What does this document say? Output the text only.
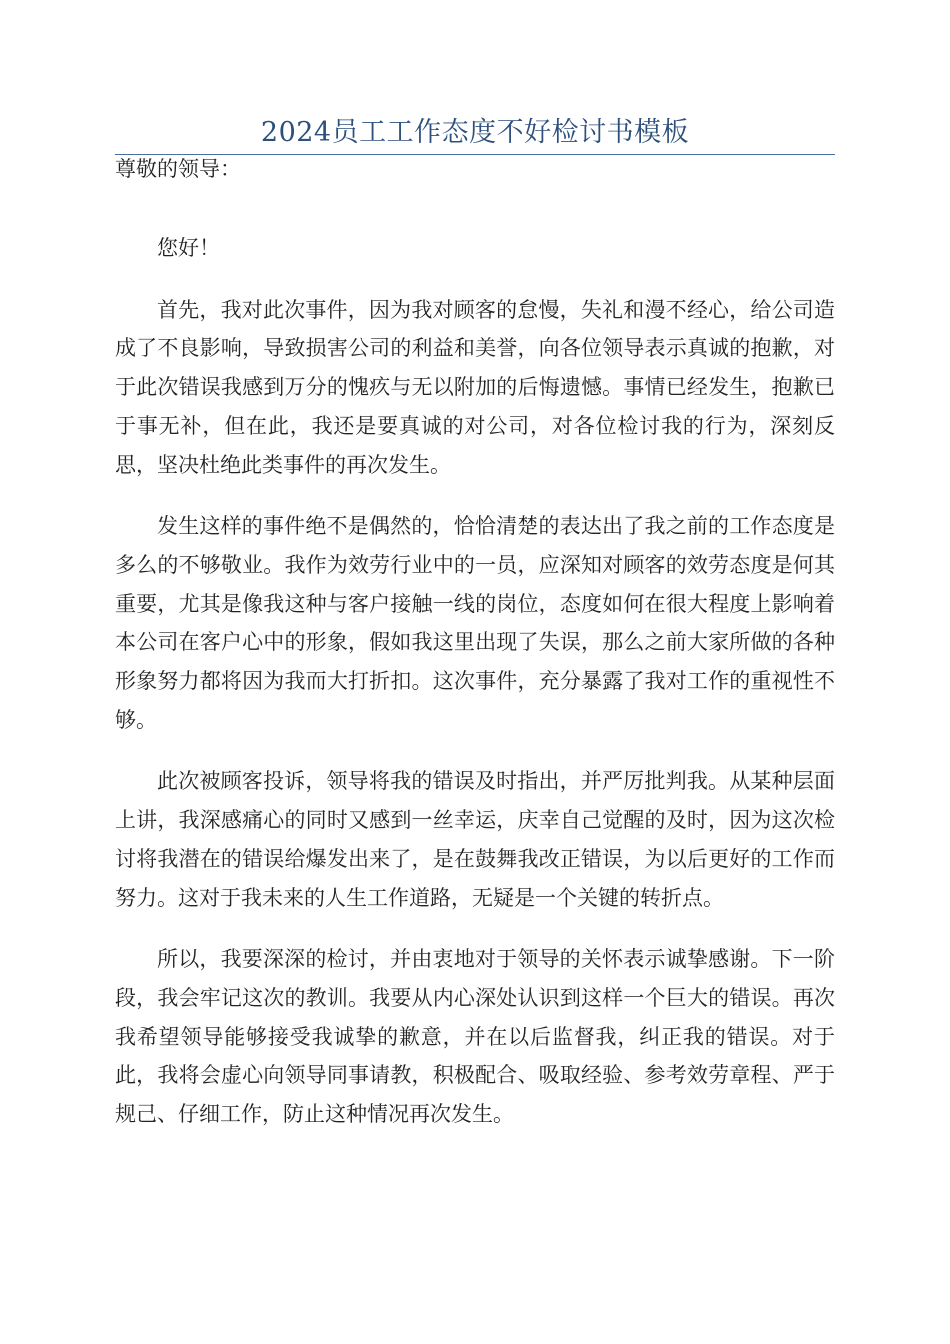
2024员工工作态度不好检讨书模板

尊敬的领导：

您好！

首先，我对此次事件，因为我对顾客的怠慢，失礼和漫不经心，给公司造成了不良影响，导致损害公司的利益和美誉，向各位领导表示真诚的抱歉，对于此次错误我感到万分的愧疚与无以附加的后悔遗憾。事情已经发生，抱歉已于事无补，但在此，我还是要真诚的对公司，对各位检讨我的行为，深刻反思，坚决杜绝此类事件的再次发生。

发生这样的事件绝不是偶然的，恰恰清楚的表达出了我之前的工作态度是多么的不够敬业。我作为效劳行业中的一员，应深知对顾客的效劳态度是何其重要，尤其是像我这种与客户接触一线的岗位，态度如何在很大程度上影响着本公司在客户心中的形象，假如我这里出现了失误，那么之前大家所做的各种形象努力都将因为我而大打折扣。这次事件，充分暴露了我对工作的重视性不够。

此次被顾客投诉，领导将我的错误及时指出，并严厉批判我。从某种层面上讲，我深感痛心的同时又感到一丝幸运，庆幸自己觉醒的及时，因为这次检讨将我潜在的错误给爆发出来了，是在鼓舞我改正错误，为以后更好的工作而努力。这对于我未来的人生工作道路，无疑是一个关键的转折点。

所以，我要深深的检讨，并由衷地对于领导的关怀表示诚挚感谢。下一阶段，我会牢记这次的教训。我要从内心深处认识到这样一个巨大的错误。再次我希望领导能够接受我诚挚的歉意，并在以后监督我，纠正我的错误。对于此，我将会虚心向领导同事请教，积极配合、吸取经验、参考效劳章程、严于规己、仔细工作，防止这种情况再次发生。
